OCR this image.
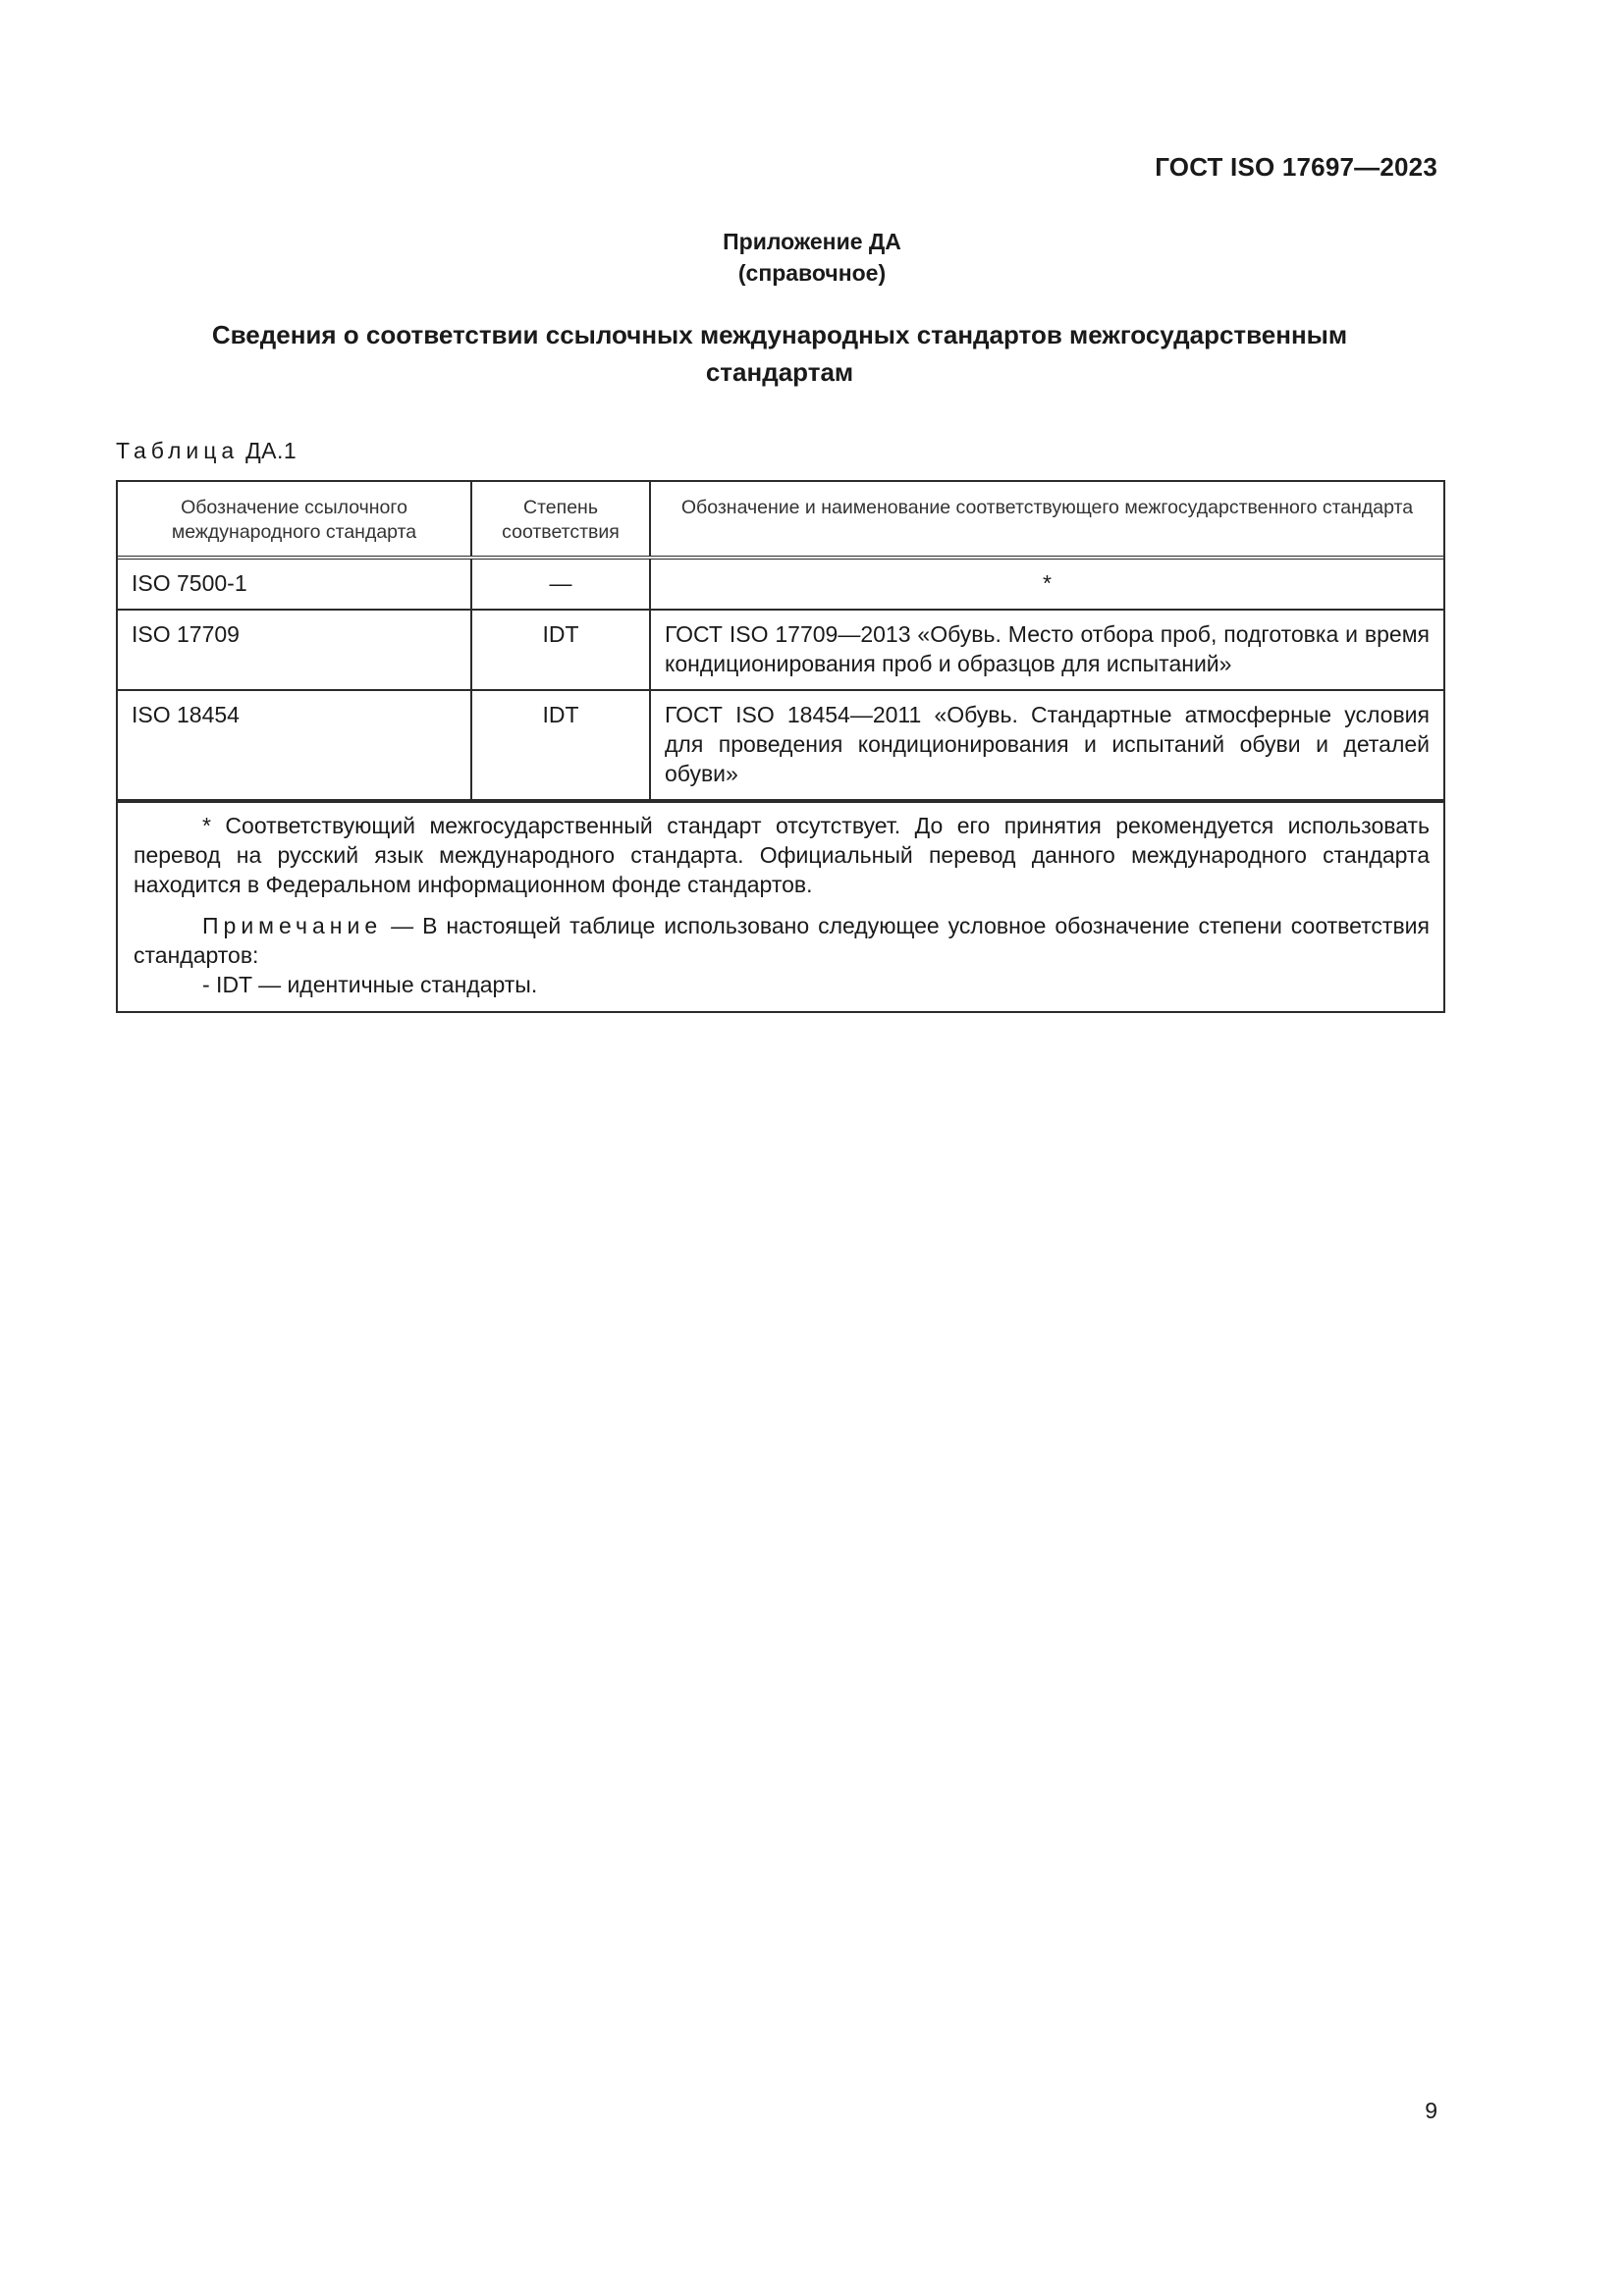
ГОСТ ISO 17697—2023
Приложение ДА
(справочное)
Сведения о соответствии ссылочных международных стандартов межгосударственным стандартам
Таблица ДА.1
Обозначение ссылочного международного стандарта	Степень соответствия	Обозначение и наименование соответствующего межгосударственного стандарта
ISO 7500-1	—	*
ISO 17709	IDT	ГОСТ ISO 17709—2013 «Обувь. Место отбора проб, подготовка и время кондиционирования проб и образцов для испытаний»
ISO 18454	IDT	ГОСТ ISO 18454—2011 «Обувь. Стандартные атмосферные условия для проведения кондиционирования и испытаний обуви и деталей обуви»

* Соответствующий межгосударственный стандарт отсутствует. До его принятия рекомендуется использовать перевод на русский язык международного стандарта. Официальный перевод данного международного стандарта находится в Федеральном информационном фонде стандартов.

Примечание — В настоящей таблице использовано следующее условное обозначение степени соответствия стандартов:

- IDT — идентичные стандарты.

9
